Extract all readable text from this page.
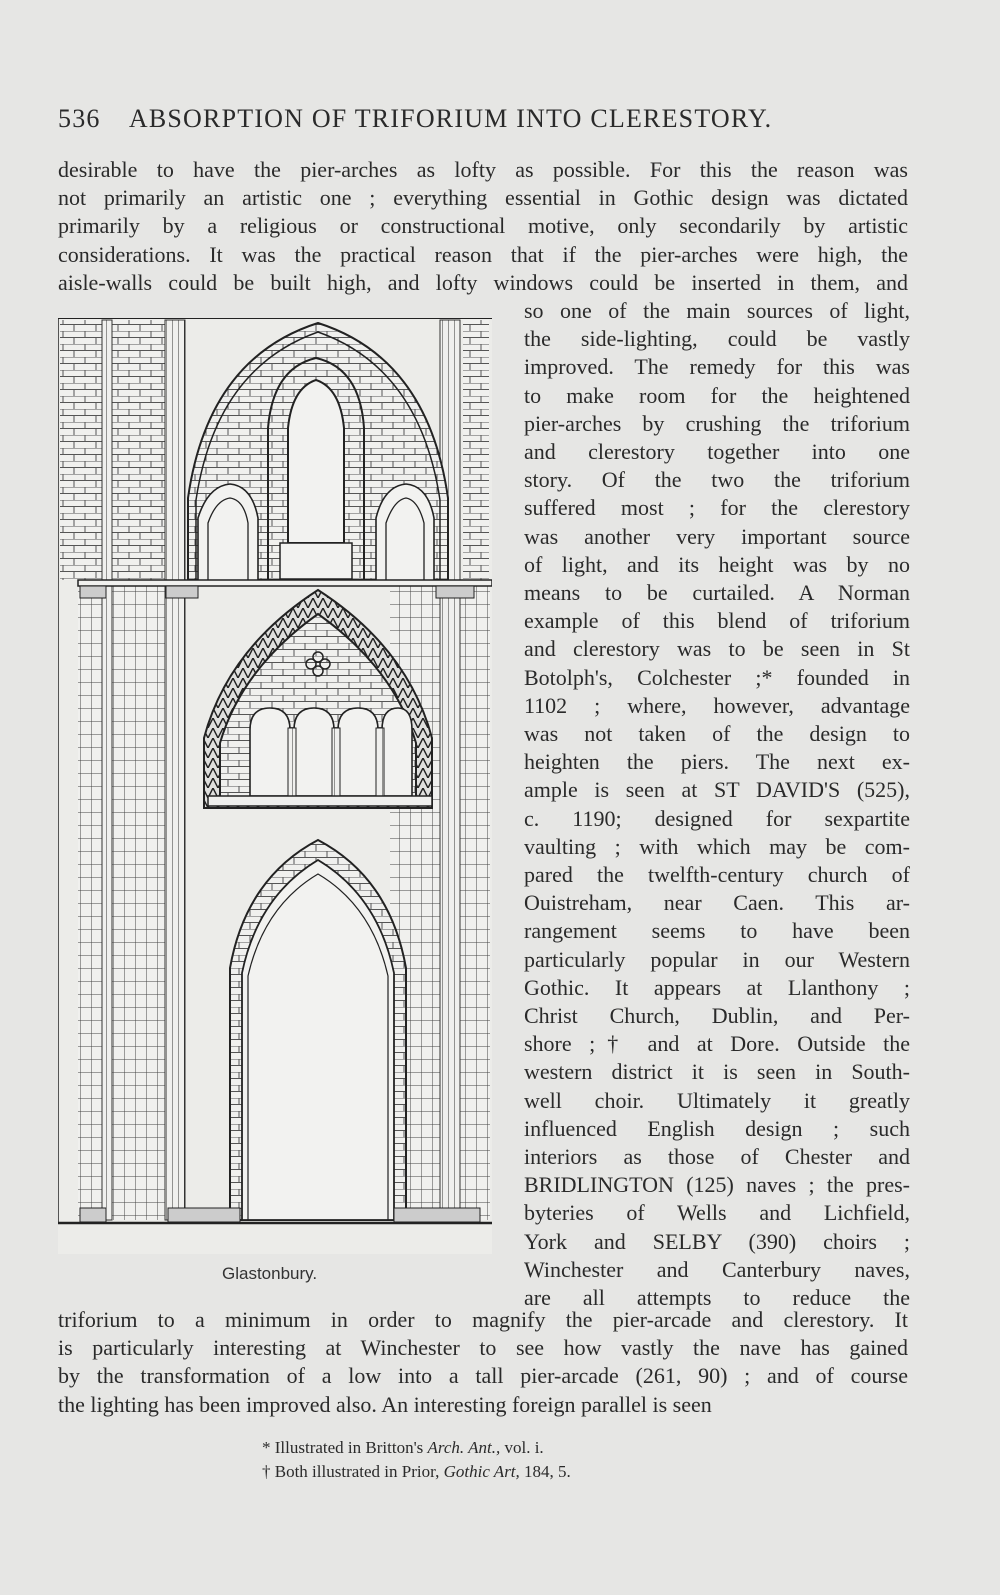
536 ABSORPTION OF TRIFORIUM INTO CLERESTORY.
desirable to have the pier-arches as lofty as possible. For this the reason was
not primarily an artistic one ; everything essential in Gothic design was dictated
primarily by a religious or constructional motive, only secondarily by artistic
considerations. It was the practical reason that if the pier-arches were high, the
aisle-walls could be built high, and lofty windows could be inserted in them, and
so one of the main sources of light,
the side-lighting, could be vastly
improved. The remedy for this was
to make room for the heightened
pier-arches by crushing the triforium
and clerestory together into one
story. Of the two the triforium
suffered most ; for the clerestory
was another very important source
of light, and its height was by no
means to be curtailed. A Norman
example of this blend of triforium
and clerestory was to be seen in St
Botolph's, Colchester ;* founded in
1102 ; where, however, advantage
was not taken of the design to
heighten the piers. The next ex-
ample is seen at ST DAVID'S (525),
c. 1190; designed for sexpartite
vaulting ; with which may be com-
pared the twelfth-century church of
Ouistreham, near Caen. This ar-
rangement seems to have been
particularly popular in our Western
Gothic. It appears at Llanthony ;
Christ Church, Dublin, and Per-
shore ;† and at Dore. Outside the
western district it is seen in South-
well choir. Ultimately it greatly
influenced English design ; such
interiors as those of Chester and
BRIDLINGTON (125) naves ; the pres-
byteries of Wells and Lichfield,
York and SELBY (390) choirs ;
Winchester and Canterbury naves,
are all attempts to reduce the
triforium to a minimum in order to magnify the pier-arcade and clerestory. It
is particularly interesting at Winchester to see how vastly the nave has gained
by the transformation of a low into a tall pier-arcade (261, 90) ; and of course
the lighting has been improved also. An interesting foreign parallel is seen
Glastonbury.
* Illustrated in Britton's Arch. Ant., vol. i.
† Both illustrated in Prior, Gothic Art, 184, 5.
